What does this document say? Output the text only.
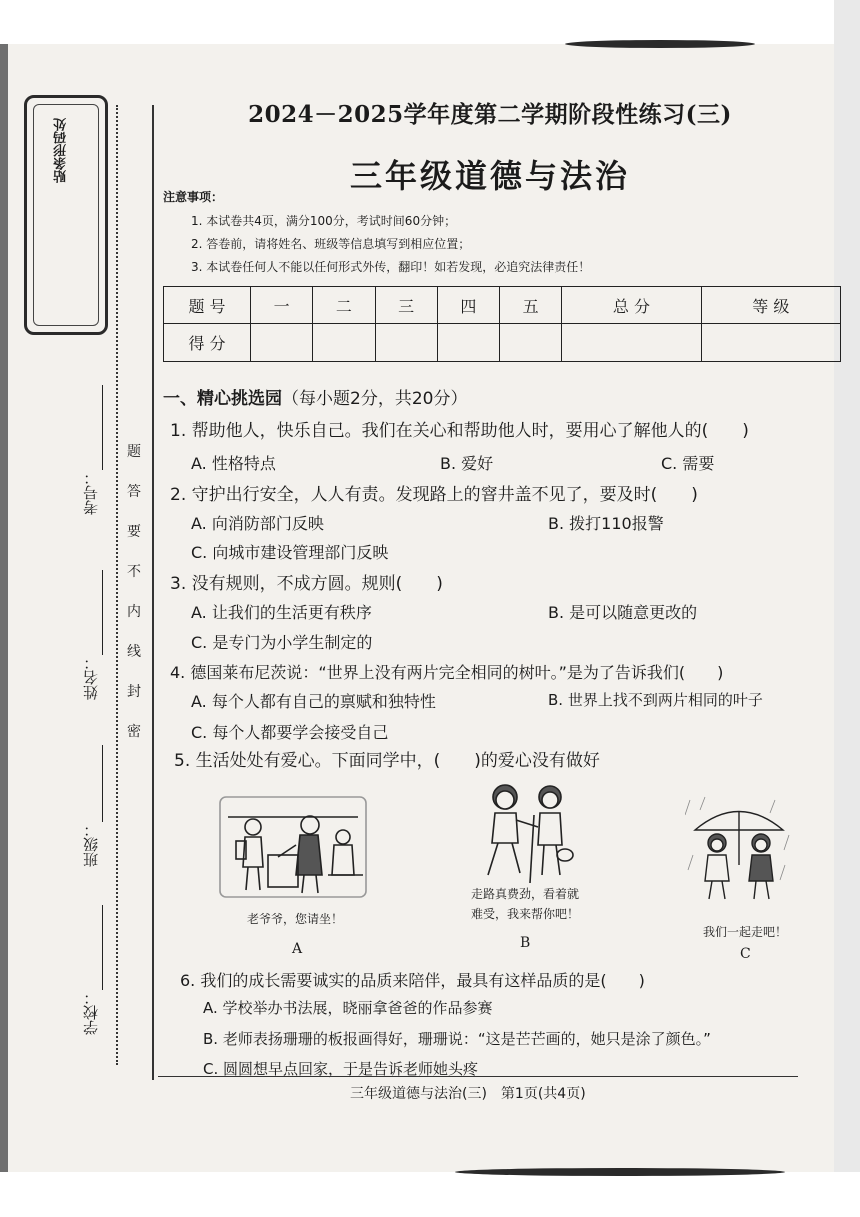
贴条形码处
题
答
要
不
内
线
封
密
考号：
姓名：
班级：
学校：
2024－2025学年度第二学期阶段性练习(三)
三年级道德与法治
注意事项：
1. 本试卷共4页，满分100分，考试时间60分钟；
2. 答卷前，请将姓名、班级等信息填写到相应位置；
3. 本试卷任何人不能以任何形式外传，翻印！如若发现，必追究法律责任！
题 号	一	二	三	四	五	总 分	等 级
得 分							
一、精心挑选园（每小题2分，共20分）
1. 帮助他人，快乐自己。我们在关心和帮助他人时，要用心了解他人的(　　)
A. 性格特点	B. 爱好	C. 需要
2. 守护出行安全，人人有责。发现路上的窨井盖不见了，要及时(　　)
A. 向消防部门反映	B. 拨打110报警
C. 向城市建设管理部门反映
3. 没有规则，不成方圆。规则(　　)
A. 让我们的生活更有秩序	B. 是可以随意更改的
C. 是专门为小学生制定的
4. 德国莱布尼茨说：“世界上没有两片完全相同的树叶。”是为了告诉我们(　　)
A. 每个人都有自己的禀赋和独特性	B. 世界上找不到两片相同的叶子
C. 每个人都要学会接受自己
5. 生活处处有爱心。下面同学中，(　　)的爱心没有做好
老爷爷，您请坐！
A
走路真费劲，看着就
难受，我来帮你吧！
B
我们一起走吧！
C
6. 我们的成长需要诚实的品质来陪伴，最具有这样品质的是(　　)
A. 学校举办书法展，晓丽拿爸爸的作品参赛
B. 老师表扬珊珊的板报画得好，珊珊说：“这是芒芒画的，她只是涂了颜色。”
C. 圆圆想早点回家，于是告诉老师她头疼
三年级道德与法治(三)　第1页(共4页)
